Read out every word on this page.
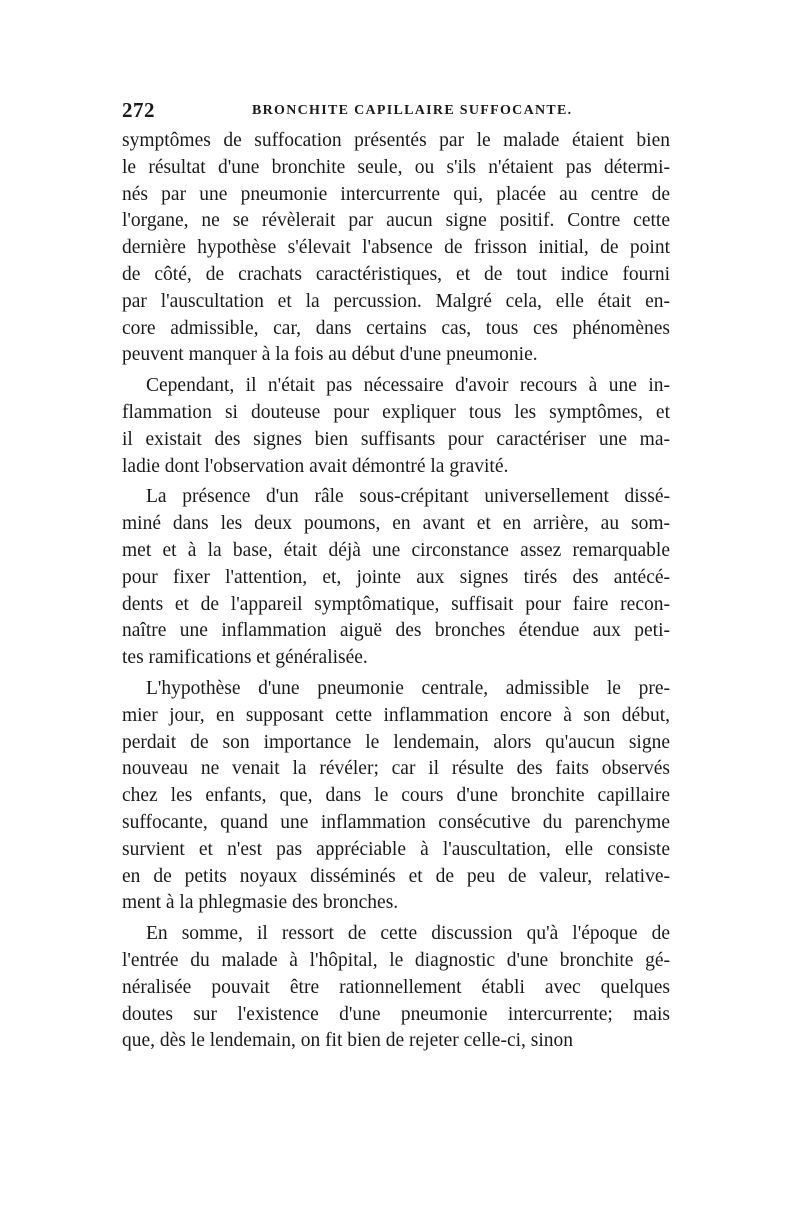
272	BRONCHITE CAPILLAIRE SUFFOCANTE.
symptômes de suffocation présentés par le malade étaient bien
le résultat d'une bronchite seule, ou s'ils n'étaient pas détermi-
nés par une pneumonie intercurrente qui, placée au centre de
l'organe, ne se révèlerait par aucun signe positif. Contre cette
dernière hypothèse s'élevait l'absence de frisson initial, de point
de côté, de crachats caractéristiques, et de tout indice fourni
par l'auscultation et la percussion. Malgré cela, elle était en-
core admissible, car, dans certains cas, tous ces phénomènes
peuvent manquer à la fois au début d'une pneumonie.
Cependant, il n'était pas nécessaire d'avoir recours à une in-
flammation si douteuse pour expliquer tous les symptômes, et
il existait des signes bien suffisants pour caractériser une ma-
ladie dont l'observation avait démontré la gravité.
La présence d'un râle sous-crépitant universellement dissé-
miné dans les deux poumons, en avant et en arrière, au som-
met et à la base, était déjà une circonstance assez remarquable
pour fixer l'attention, et, jointe aux signes tirés des antécé-
dents et de l'appareil symptômatique, suffisait pour faire recon-
naître une inflammation aiguë des bronches étendue aux peti-
tes ramifications et généralisée.
L'hypothèse d'une pneumonie centrale, admissible le pre-
mier jour, en supposant cette inflammation encore à son début,
perdait de son importance le lendemain, alors qu'aucun signe
nouveau ne venait la révéler; car il résulte des faits observés
chez les enfants, que, dans le cours d'une bronchite capillaire
suffocante, quand une inflammation consécutive du parenchyme
survient et n'est pas appréciable à l'auscultation, elle consiste
en de petits noyaux disséminés et de peu de valeur, relative-
ment à la phlegmasie des bronches.
En somme, il ressort de cette discussion qu'à l'époque de
l'entrée du malade à l'hôpital, le diagnostic d'une bronchite gé-
néralisée pouvait être rationnellement établi avec quelques
doutes sur l'existence d'une pneumonie intercurrente; mais
que, dès le lendemain, on fit bien de rejeter celle-ci, sinon
